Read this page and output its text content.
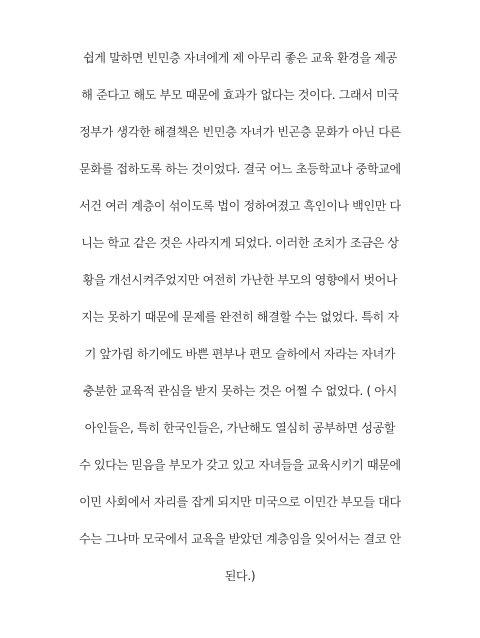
쉽게 말하면 빈민층 자녀에게 제 아무리 좋은 교육 환경을 제공
해 준다고 해도 부모 때문에 효과가 없다는 것이다. 그래서 미국
정부가 생각한 해결책은 빈민층 자녀가 빈곤층 문화가 아닌 다른
문화를 접하도록 하는 것이었다. 결국 어느 초등학교나 중학교에
서건 여러 계층이 섞이도록 법이 정하여졌고 흑인이나 백인만 다
니는 학교 같은 것은 사라지게 되었다. 이러한 조치가 조금은 상
황을 개선시켜주었지만 여전히 가난한 부모의 영향에서 벗어나
지는 못하기 때문에 문제를 완전히 해결할 수는 없었다. 특히 자
기 앞가림 하기에도 바쁜 편부나 편모 슬하에서 자라는 자녀가
충분한 교육적 관심을 받지 못하는 것은 어쩔 수 없었다. ( 아시
아인들은, 특히 한국인들은, 가난해도 열심히 공부하면 성공할
수 있다는 믿음을 부모가 갖고 있고 자녀들을 교육시키기 때문에
이민 사회에서 자리를 잡게 되지만 미국으로 이민간 부모들 대다
수는 그나마 모국에서 교육을 받았던 계층임을 잊어서는 결코 안
된다.)
